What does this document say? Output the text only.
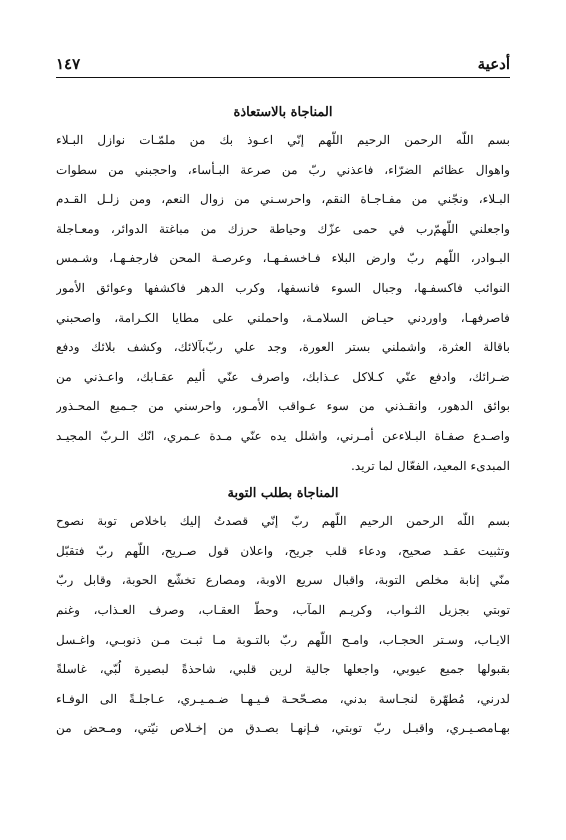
أدعية
١٤٧
المناجاة بالاستعاذة
بسم اللّه الرحمن الرحيم اللّهم إنّي اعـوذ بك من ملمّـات نوازل البـلاء
واهوال عظائم الضرّاء، فاعذني ربّ من صرعة البـأساء، واحجبني من سطوات
البـلاء، ونجّني من مفـاجـاة النقم، واحرسـني من زوال النعم، ومن زلـل القـدم
واجعلني اللّهمّ‌رب في حمى عزّك وحياطة حرزك من مباغتة الدوائر، ومعـاجلة
البـوادر، اللّهم ربّ وارض البلاء فـاخسفـهـا، وعرصـة المحن فارجفـهـا، وشـمس
النوائب فاكسفـها، وجبال السوء فانسفها، وكرب الدهر فاكشفها وعوائق الأمور
فاصرفهـا، واوردني حيـاض السلامـة، واحملني على مطايا الكـرامة، واصحبني
باقالة العثرة، واشملني بستر العورة، وجد علي ربّ‌بآلائك، وكشف بلائك ودفع
ضـرائك، وادفع عنّي كـلاكل عـذابك، واصرف عنّي أليم عقـابك، واعـذني من
بوائق الدهور، وانقـذني من سوء عـواقب الأمـور، واحرسني من جـميع المحـذور
واصـدع صفـاة البـلاءعن أمـرني، واشلل يده عنّي مـدة عـمري، انّك الـربّ المجيـد
المبدىء المعيد، الفعّال لما تريد.
المناجاة بطلب التوبة
بسم اللّه الرحمن الرحيم اللّهم ربّ إنّي قصدتُ إليك باخلاص توبة نصوح
وتثبيت عقـد صحيح، ودعاء قلب جريح، واعلان قول صـريح، اللّهم ربّ فتقبّل
منّي إنابة مخلص التوبة، واقبال سريع الاوبة، ومصارع تخشّع الحوبة، وقابل ربّ
توبتي بجزيل الثـواب، وكريـم المآب، وحطّ العقـاب، وصرف العـذاب، وغنم
الايـاب، وسـتر الحجـاب، وامـح اللّهم ربّ بالتـوبة مـا ثبـت مـن ذنوبـي، واغـسل
بقبولها جميع عيوبي، واجعلها جالية لرين قلبي، شاحذةً لبصيرة لُبّي، غاسلةً
لدرني، مُطهّرة لنجـاسة بدني، مصـحّحـة فـيـهـا ضـمـيـري، عـاجلـةً الى الوفـاء
بهـامصـيـري، واقبـل ربّ توبتي، فـإنهـا بصـدق من إخـلاص نيّتي، ومـحض من
